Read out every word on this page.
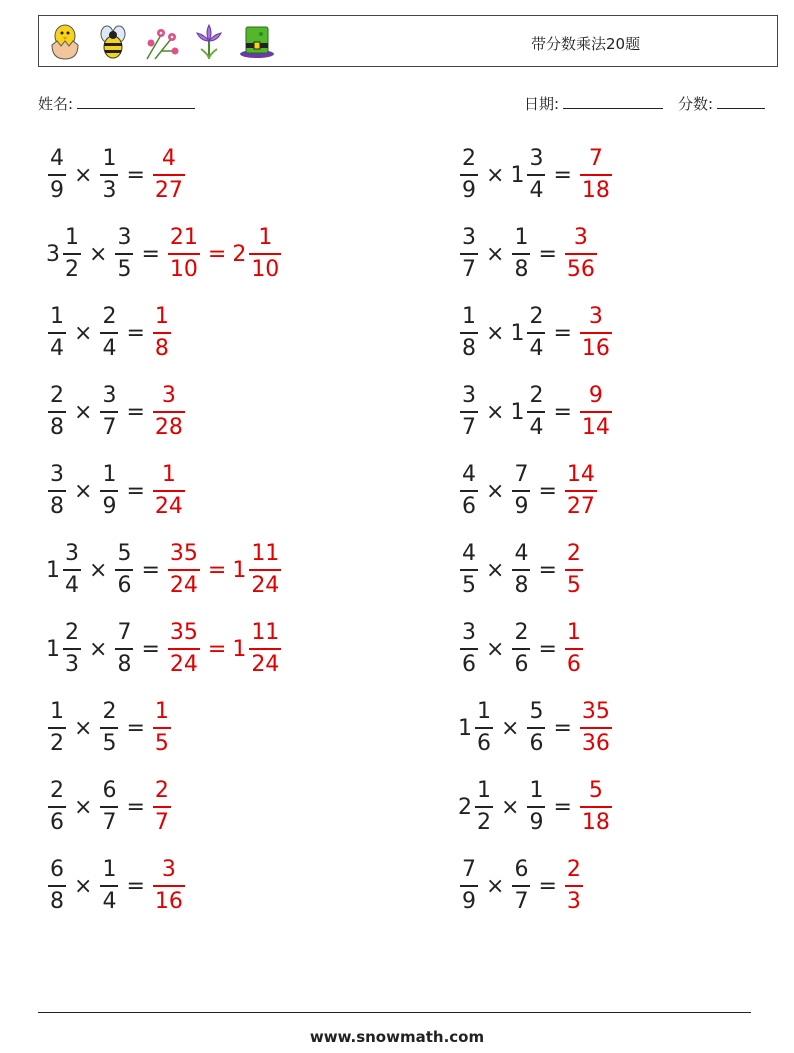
带分数乘法20题
姓名:	日期:	分数:
$\frac{4}{9} \times \frac{1}{3} = \frac{4}{27}$
$3 \frac{1}{2} \times \frac{3}{5} = \frac{21}{10} = 2 \frac{1}{10}$
$\frac{1}{4} \times \frac{2}{4} = \frac{1}{8}$
$\frac{2}{8} \times \frac{3}{7} = \frac{3}{28}$
$\frac{3}{8} \times \frac{1}{9} = \frac{1}{24}$
$1 \frac{3}{4} \times \frac{5}{6} = \frac{35}{24} = 1 \frac{11}{24}$
$1 \frac{2}{3} \times \frac{7}{8} = \frac{35}{24} = 1 \frac{11}{24}$
$\frac{1}{2} \times \frac{2}{5} = \frac{1}{5}$
$\frac{2}{6} \times \frac{6}{7} = \frac{2}{7}$
$\frac{6}{8} \times \frac{1}{4} = \frac{3}{16}$
$\frac{2}{9} \times 1 \frac{3}{4} = \frac{7}{18}$
$\frac{3}{7} \times \frac{1}{8} = \frac{3}{56}$
$\frac{1}{8} \times 1 \frac{2}{4} = \frac{3}{16}$
$\frac{3}{7} \times 1 \frac{2}{4} = \frac{9}{14}$
$\frac{4}{6} \times \frac{7}{9} = \frac{14}{27}$
$\frac{4}{5} \times \frac{4}{8} = \frac{2}{5}$
$\frac{3}{6} \times \frac{2}{6} = \frac{1}{6}$
$1 \frac{1}{6} \times \frac{5}{6} = \frac{35}{36}$
$2 \frac{1}{2} \times \frac{1}{9} = \frac{5}{18}$
$\frac{7}{9} \times \frac{6}{7} = \frac{2}{3}$
www.snowmath.com
